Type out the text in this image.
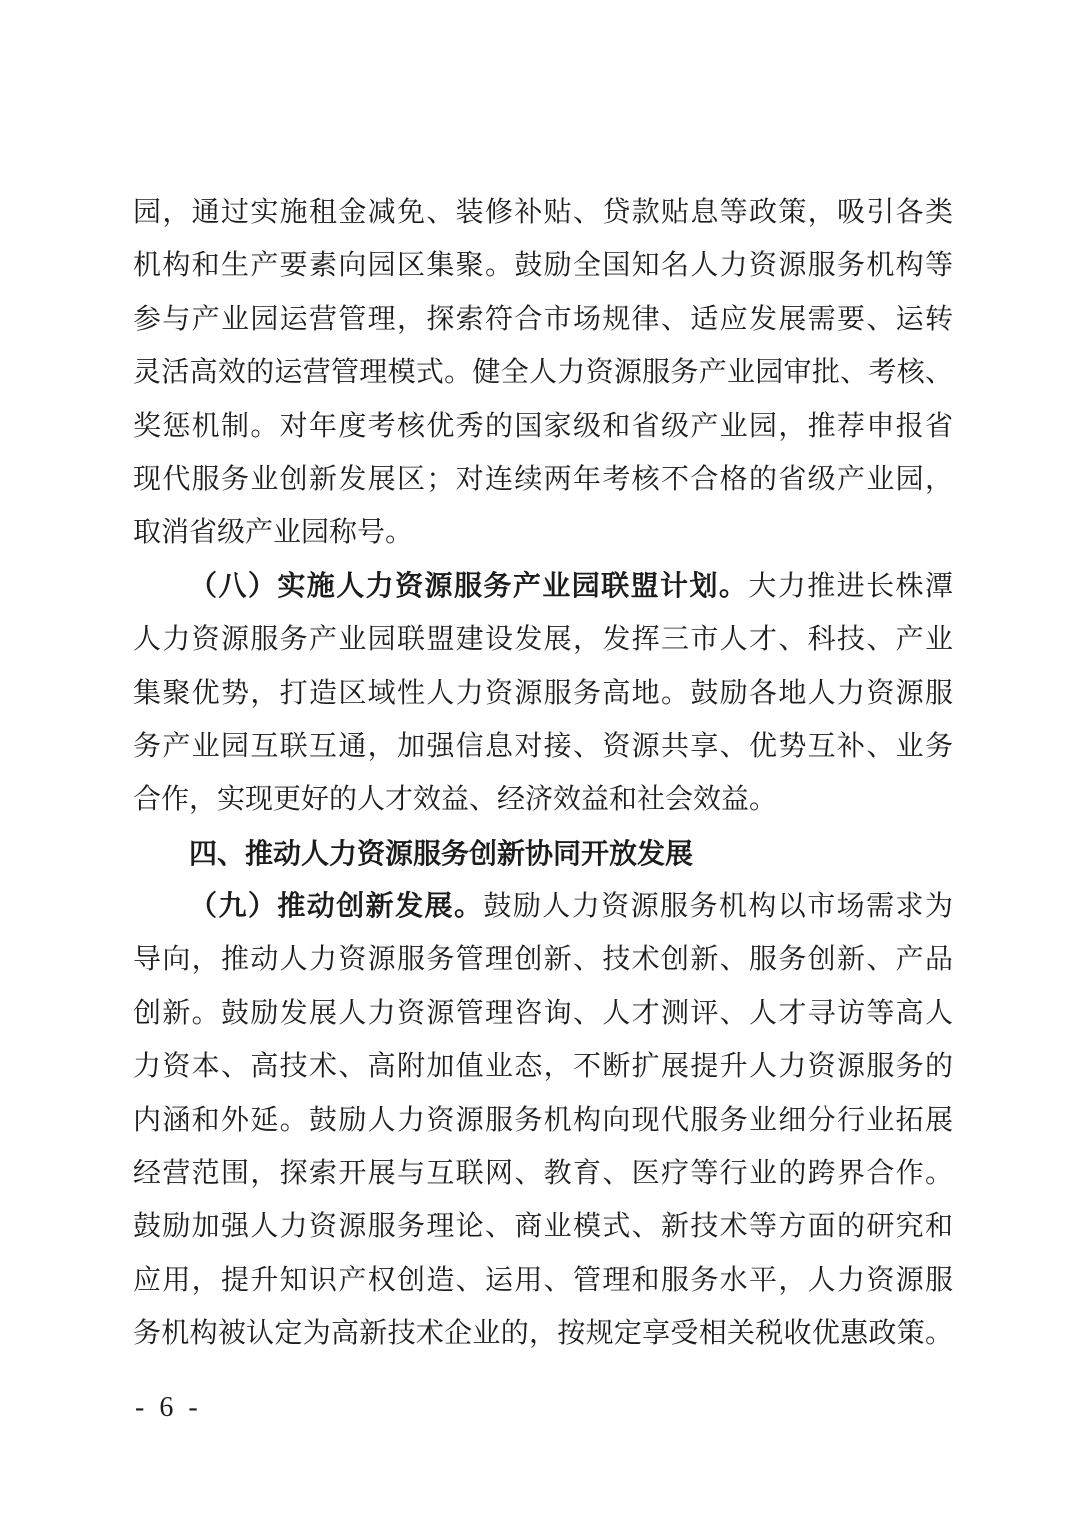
园，通过实施租金减免、装修补贴、贷款贴息等政策，吸引各类
机构和生产要素向园区集聚。鼓励全国知名人力资源服务机构等
参与产业园运营管理，探索符合市场规律、适应发展需要、运转
灵活高效的运营管理模式。健全人力资源服务产业园审批、考核、
奖惩机制。对年度考核优秀的国家级和省级产业园，推荐申报省
现代服务业创新发展区；对连续两年考核不合格的省级产业园，
取消省级产业园称号。
（八）实施人力资源服务产业园联盟计划。大力推进长株潭
人力资源服务产业园联盟建设发展，发挥三市人才、科技、产业
集聚优势，打造区域性人力资源服务高地。鼓励各地人力资源服
务产业园互联互通，加强信息对接、资源共享、优势互补、业务
合作，实现更好的人才效益、经济效益和社会效益。
四、推动人力资源服务创新协同开放发展
（九）推动创新发展。鼓励人力资源服务机构以市场需求为
导向，推动人力资源服务管理创新、技术创新、服务创新、产品
创新。鼓励发展人力资源管理咨询、人才测评、人才寻访等高人
力资本、高技术、高附加值业态，不断扩展提升人力资源服务的
内涵和外延。鼓励人力资源服务机构向现代服务业细分行业拓展
经营范围，探索开展与互联网、教育、医疗等行业的跨界合作。
鼓励加强人力资源服务理论、商业模式、新技术等方面的研究和
应用，提升知识产权创造、运用、管理和服务水平，人力资源服
务机构被认定为高新技术企业的，按规定享受相关税收优惠政策。
- 6 -
